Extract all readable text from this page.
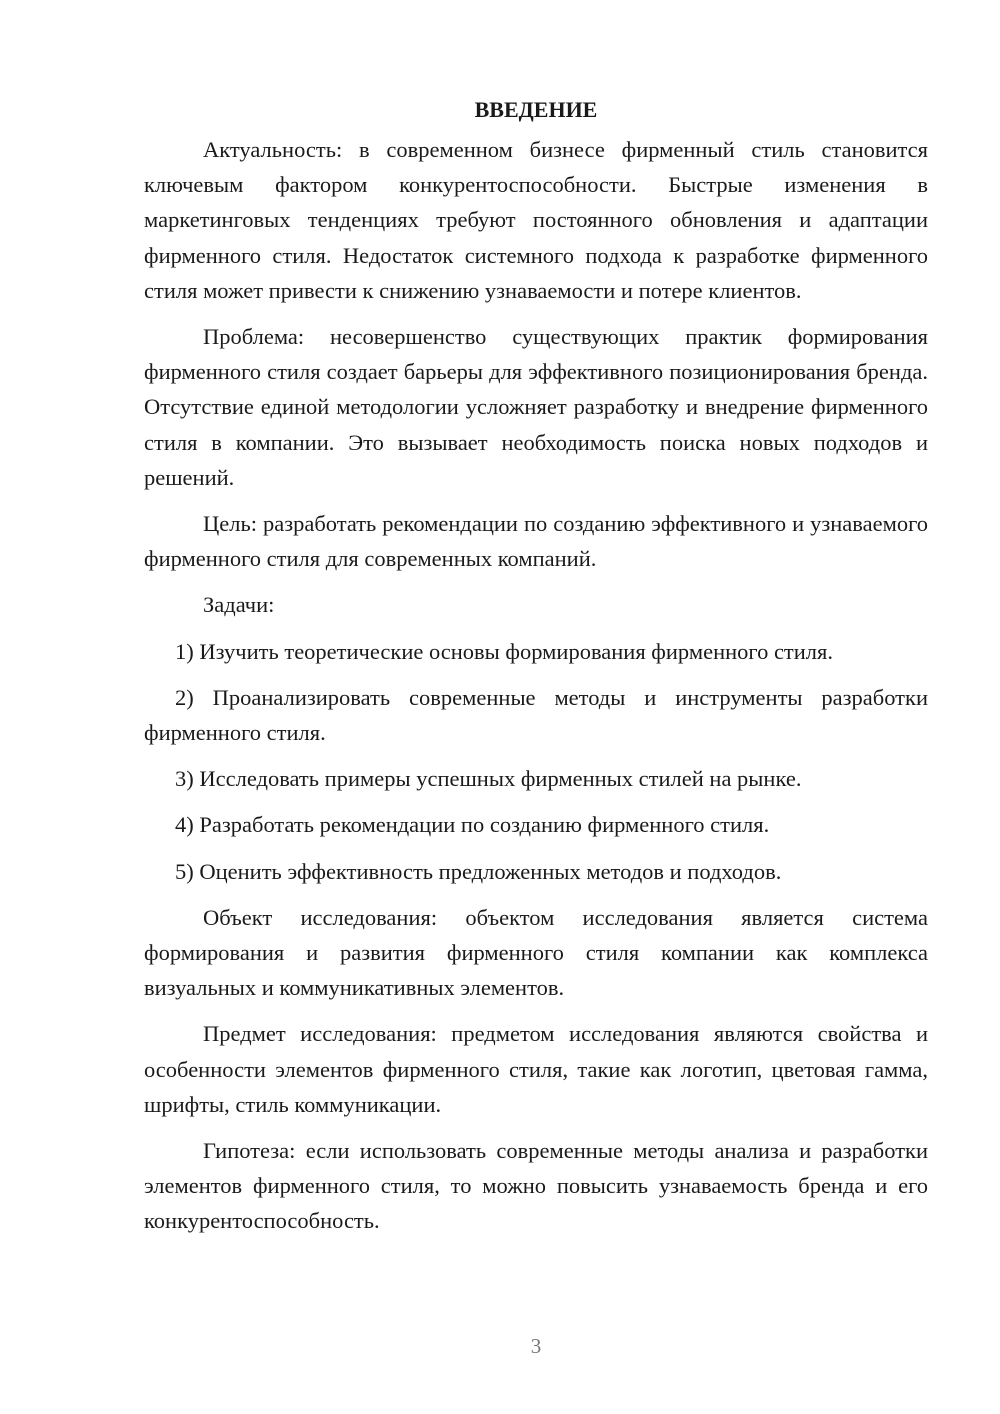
ВВЕДЕНИЕ

Актуальность: в современном бизнесе фирменный стиль становится ключевым фактором конкурентоспособности. Быстрые изменения в маркетинговых тенденциях требуют постоянного обновления и адаптации фирменного стиля. Недостаток системного подхода к разработке фирменного стиля может привести к снижению узнаваемости и потере клиентов.

Проблема: несовершенство существующих практик формирования фирменного стиля создает барьеры для эффективного позиционирования бренда. Отсутствие единой методологии усложняет разработку и внедрение фирменного стиля в компании. Это вызывает необходимость поиска новых подходов и решений.

Цель: разработать рекомендации по созданию эффективного и узнаваемого фирменного стиля для современных компаний.

Задачи:

1) Изучить теоретические основы формирования фирменного стиля.

2) Проанализировать современные методы и инструменты разработки фирменного стиля.

3) Исследовать примеры успешных фирменных стилей на рынке.

4) Разработать рекомендации по созданию фирменного стиля.

5) Оценить эффективность предложенных методов и подходов.

Объект исследования: объектом исследования является система формирования и развития фирменного стиля компании как комплекса визуальных и коммуникативных элементов.

Предмет исследования: предметом исследования являются свойства и особенности элементов фирменного стиля, такие как логотип, цветовая гамма, шрифты, стиль коммуникации.

Гипотеза: если использовать современные методы анализа и разработки элементов фирменного стиля, то можно повысить узнаваемость бренда и его конкурентоспособность.

3
